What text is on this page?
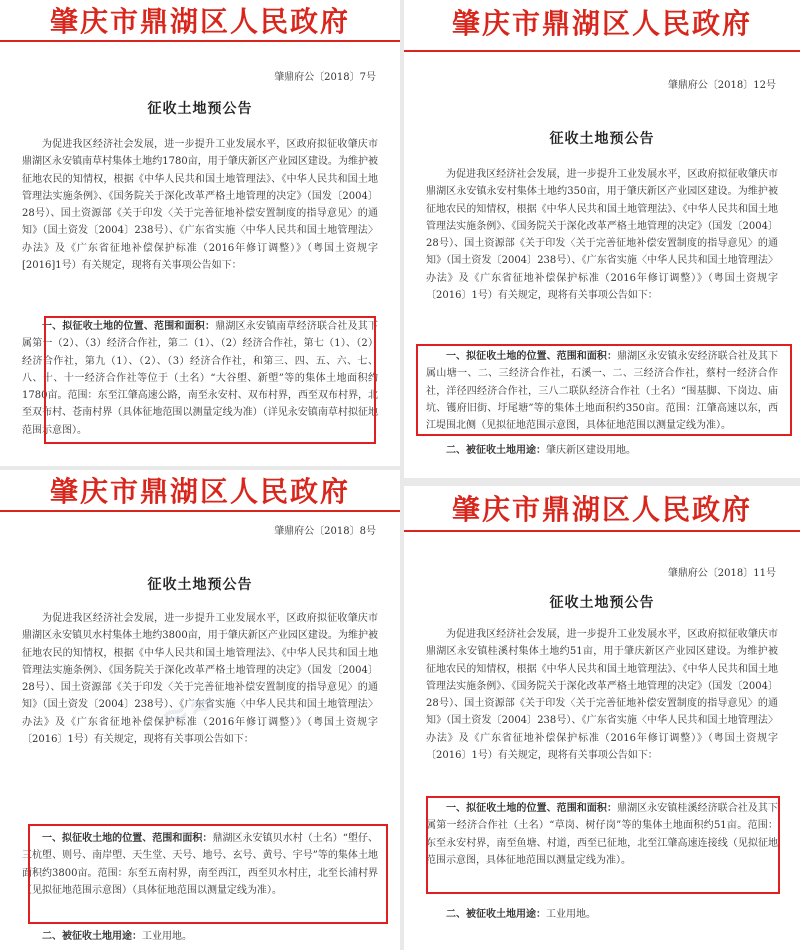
肇庆市鼎湖区人民政府
肇鼎府公〔2018〕7号
征收土地预公告

为促进我区经济社会发展，进一步提升工业发展水平，区政府拟征收肇庆市鼎湖区永安镇南草村集体土地约1780亩，用于肇庆新区产业园区建设。为维护被征地农民的知情权，根据《中华人民共和国土地管理法》、《中华人民共和国土地管理法实施条例》、《国务院关于深化改革严格土地管理的决定》（国发〔2004〕28号）、国土资源部《关于印发〈关于完善征地补偿安置制度的指导意见〉的通知》（国土资发〔2004〕238号）、《广东省实施〈中华人民共和国土地管理法〉办法》及《广东省征地补偿保护标准（2016年修订调整）》（粤国土资规字[2016]1号）有关规定，现将有关事项公告如下：

一、拟征收土地的位置、范围和面积：鼎湖区永安镇南草经济联合社及其下属第一（2）、（3）经济合作社，第二（1）、（2）经济合作社，第七（1）、（2）经济合作社，第九（1）、（2）、（3）经济合作社，和第三、四、五、六、七、八、十、十一经济合作社等位于（土名）“大谷塱、新塱”等的集体土地面积约1780亩。范围：东至江肇高速公路，南至永安村、双布村界，西至双布村界，北至双布村、苍南村界（具体征地范围以测量定线为准）（详见永安镇南草村拟征地范围示意图）。

肇庆市鼎湖区人民政府
肇鼎府公〔2018〕12号
征收土地预公告

为促进我区经济社会发展，进一步提升工业发展水平，区政府拟征收肇庆市鼎湖区永安镇永安村集体土地约350亩，用于肇庆新区产业园区建设。为维护被征地农民的知情权，根据《中华人民共和国土地管理法》、《中华人民共和国土地管理法实施条例》、《国务院关于深化改革严格土地管理的决定》（国发〔2004〕28号）、国土资源部《关于印发〈关于完善征地补偿安置制度的指导意见〉的通知》（国土资发〔2004〕238号）、《广东省实施〈中华人民共和国土地管理法〉办法》及《广东省征地补偿保护标准（2016年修订调整）》（粤国土资规字〔2016〕1号）有关规定，现将有关事项公告如下：

一、拟征收土地的位置、范围和面积：鼎湖区永安镇永安经济联合社及其下属山塘一、二、三经济合作社，石溪一、二、三经济合作社，蔡村一经济合作社，洋径四经济合作社，三八二联队经济合作社（土名）“围基脚、下岗边、庙坑、镬府旧街、圩尾塘”等的集体土地面积约350亩。范围：江肇高速以东，西江堤围北侧（见拟征地范围示意图，具体征地范围以测量定线为准）。

二、被征收土地用途：肇庆新区建设用地。

肇庆市鼎湖区人民政府
肇鼎府公〔2018〕8号
征收土地预公告

为促进我区经济社会发展，进一步提升工业发展水平，区政府拟征收肇庆市鼎湖区永安镇贝水村集体土地约3800亩，用于肇庆新区产业园区建设。为维护被征地农民的知情权，根据《中华人民共和国土地管理法》、《中华人民共和国土地管理法实施条例》、《国务院关于深化改革严格土地管理的决定》（国发〔2004〕28号）、国土资源部《关于印发〈关于完善征地补偿安置制度的指导意见〉的通知》（国土资发〔2004〕238号）、《广东省实施〈中华人民共和国土地管理法〉办法》及《广东省征地补偿保护标准（2016年修订调整）》（粤国土资规字〔2016〕1号）有关规定，现将有关事项公告如下：

一、拟征收土地的位置、范围和面积：鼎湖区永安镇贝水村（土名）“塱仔、三杭塱、则号、南岸塱、天生堂、天号、地号、玄号、黄号、宇号”等的集体土地面积约3800亩。范围：东至五南村界，南至西江，西至贝水村庄，北至长浦村界（见拟征地范围示意图）（具体征地范围以测量定线为准）。

二、被征收土地用途：工业用地。

≈≈
肇庆市鼎湖区人民政府
肇鼎府公〔2018〕11号
征收土地预公告

为促进我区经济社会发展，进一步提升工业发展水平，区政府拟征收肇庆市鼎湖区永安镇桂溪村集体土地约51亩，用于肇庆新区产业园区建设。为维护被征地农民的知情权，根据《中华人民共和国土地管理法》、《中华人民共和国土地管理法实施条例》、《国务院关于深化改革严格土地管理的决定》（国发〔2004〕28号）、国土资源部《关于印发〈关于完善征地补偿安置制度的指导意见〉的通知》（国土资发〔2004〕238号）、《广东省实施〈中华人民共和国土地管理法〉办法》及《广东省征地补偿保护标准（2016年修订调整）》（粤国土资规字〔2016〕1号）有关规定，现将有关事项公告如下：

一、拟征收土地的位置、范围和面积：鼎湖区永安镇桂溪经济联合社及其下属第一经济合作社（土名）“草岗、树仔岗”等的集体土地面积约51亩。范围：东至永安村界，南至鱼塘、村道，西至已征地，北至江肇高速连接线（见拟征地范围示意图，具体征地范围以测量定线为准）。

二、被征收土地用途：工业用地。
